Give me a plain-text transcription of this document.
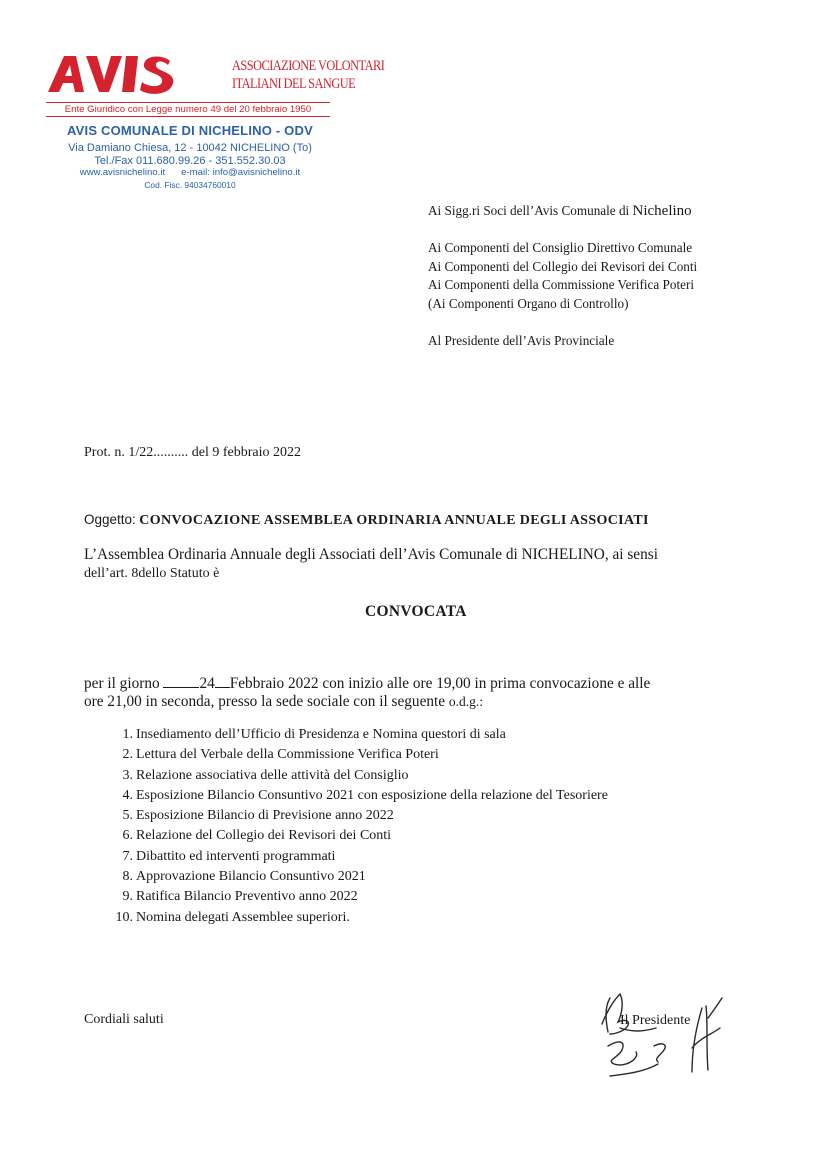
ASSOCIAZIONE VOLONTARI
ITALIANI DEL SANGUE
Ente Giuridico con Legge numero 49 del 20 febbraio 1950
AVIS COMUNALE DI NICHELINO - ODV
Via Damiano Chiesa, 12 - 10042 NICHELINO (To)
Tel./Fax 011.680.99.26 - 351.552.30.03
www.avisnichelino.it e-mail: info@avisnichelino.it
Cod. Fisc. 94034760010
Ai Sigg.ri Soci dell’Avis Comunale di Nichelino
Ai Componenti del Consiglio Direttivo Comunale
Ai Componenti del Collegio dei Revisori dei Conti
Ai Componenti della Commissione Verifica Poteri
(Ai Componenti Organo di Controllo)
Al Presidente dell’Avis Provinciale
Prot. n. 1/22.......... del 9 febbraio 2022
Oggetto: CONVOCAZIONE ASSEMBLEA ORDINARIA ANNUALE DEGLI ASSOCIATI
L’Assemblea Ordinaria Annuale degli Associati dell’Avis Comunale di NICHELINO, ai sensi
dell’art. 8dello Statuto è
CONVOCATA
per il giorno 24 Febbraio 2022 con inizio alle ore 19,00 in prima convocazione e alle
ore 21,00 in seconda, presso la sede sociale con il seguente o.d.g.:
1. Insediamento dell’Ufficio di Presidenza e Nomina questori di sala
2. Lettura del Verbale della Commissione Verifica Poteri
3. Relazione associativa delle attività del Consiglio
4. Esposizione Bilancio Consuntivo 2021 con esposizione della relazione del Tesoriere
5. Esposizione Bilancio di Previsione anno 2022
6. Relazione del Collegio dei Revisori dei Conti
7. Dibattito ed interventi programmati
8. Approvazione Bilancio Consuntivo 2021
9. Ratifica Bilancio Preventivo anno 2022
10. Nomina delegati Assemblee superiori.
Cordiali saluti	Il Presidente
